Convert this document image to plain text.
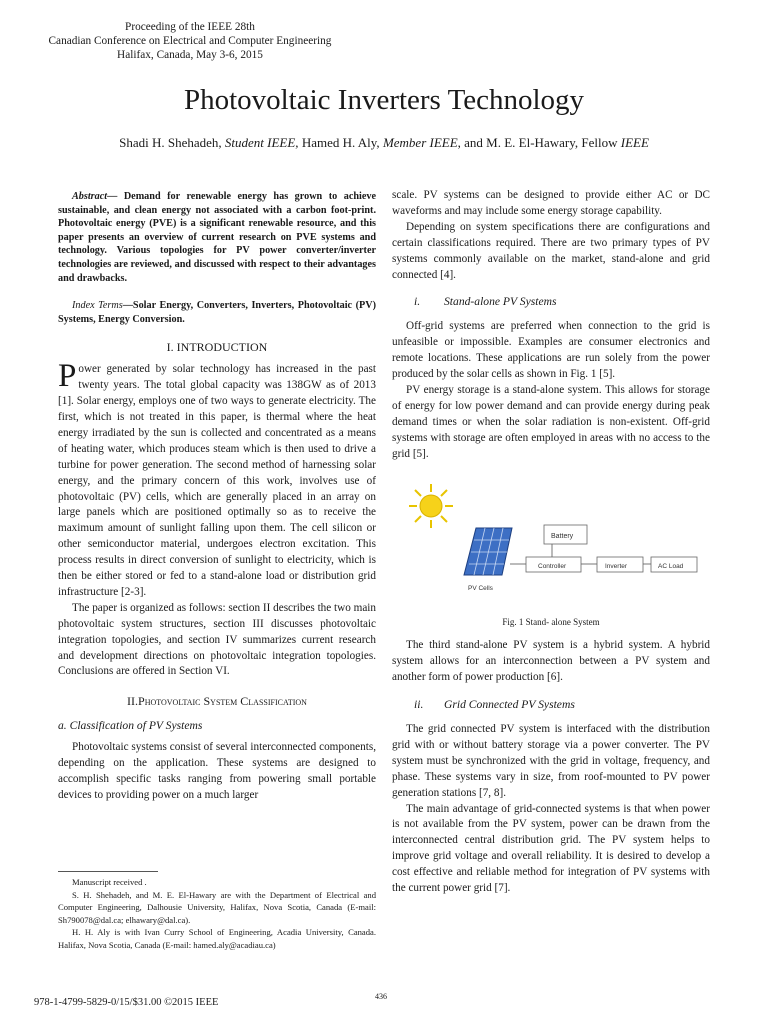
Proceeding of the IEEE 28th
Canadian Conference on Electrical and Computer Engineering
Halifax, Canada, May 3-6, 2015
Photovoltaic Inverters Technology
Shadi H. Shehadeh, Student IEEE, Hamed H. Aly, Member IEEE, and M. E. El-Hawary, Fellow IEEE

Abstract— Demand for renewable energy has grown to achieve sustainable, and clean energy not associated with a carbon foot-print. Photovoltaic energy (PVE) is a significant renewable resource, and this paper presents an overview of current research on PVE systems and technology. Various topologies for PV power converter/inverter technologies are reviewed, and discussed with respect to their advantages and drawbacks.

Index Terms—Solar Energy, Converters, Inverters, Photovoltaic (PV) Systems, Energy Conversion.

I. INTRODUCTION

Power generated by solar technology has increased in the past twenty years. The total global capacity was 138GW as of 2013 [1]. Solar energy, employs one of two ways to generate electricity. The first, which is not treated in this paper, is thermal where the heat energy irradiated by the sun is collected and concentrated as a means of heating water, which produces steam which is then used to drive a turbine for power generation. The second method of harnessing solar energy, and the primary concern of this work, involves use of photovoltaic (PV) cells, which are generally placed in an array on large panels which are positioned optimally so as to receive the maximum amount of sunlight falling upon them. The cell silicon or other semiconductor material, undergoes electron excitation. This process results in direct conversion of sunlight to electricity, which is then be either stored or fed to a stand-alone load or distribution grid infrastructure [2-3].

The paper is organized as follows: section II describes the two main photovoltaic system structures, section III discusses photovoltaic integration topologies, and section IV summarizes current research and development directions on photovoltaic integration topologies. Conclusions are offered in Section VI.

II.Photovoltaic System Classification
a. Classification of PV Systems

Photovoltaic systems consist of several interconnected components, depending on the application. These systems are designed to accomplish specific tasks ranging from powering small portable devices to providing power on a much larger

scale. PV systems can be designed to provide either AC or DC waveforms and may include some energy storage capability.

Depending on system specifications there are configurations and certain classifications required. There are two primary types of PV systems commonly available on the market, stand-alone and grid connected [4].

i. Stand-alone PV Systems

Off-grid systems are preferred when connection to the grid is unfeasible or impossible. Examples are consumer electronics and remote locations. These applications are run solely from the power produced by the solar cells as shown in Fig. 1 [5].

PV energy storage is a stand-alone system. This allows for storage of energy for low power demand and can provide energy during peak demand times or when the solar radiation is non-existent. Off-grid systems with storage are often employed in areas with no access to the grid [5].

PV Cells
Battery
Controller	Inverter	AC Load
Fig. 1 Stand- alone System

The third stand-alone PV system is a hybrid system. A hybrid system allows for an interconnection between a PV system and another form of power production [6].

ii. Grid Connected PV Systems

The grid connected PV system is interfaced with the distribution grid with or without battery storage via a power converter. The PV system must be synchronized with the grid in voltage, frequency, and phase. These systems vary in size, from roof-mounted to PV power generation stations [7, 8].

The main advantage of grid-connected systems is that when power is not available from the PV system, power can be drawn from the interconnected central distribution grid. The PV system helps to improve grid voltage and overall reliability. It is desired to develop a cost effective and reliable method for integration of PV systems with the current power grid [7].

Manuscript received .

S. H. Shehadeh, and M. E. El-Hawary are with the Department of Electrical and Computer Engineering, Dalhousie University, Halifax, Nova Scotia, Canada (E-mail: Sh790078@dal.ca; elhawary@dal.ca).

H. H. Aly is with Ivan Curry School of Engineering, Acadia University, Canada. Halifax, Nova Scotia, Canada (E-mail: hamed.aly@acadiau.ca)

978-1-4799-5829-0/15/$31.00 ©2015 IEEE
436
